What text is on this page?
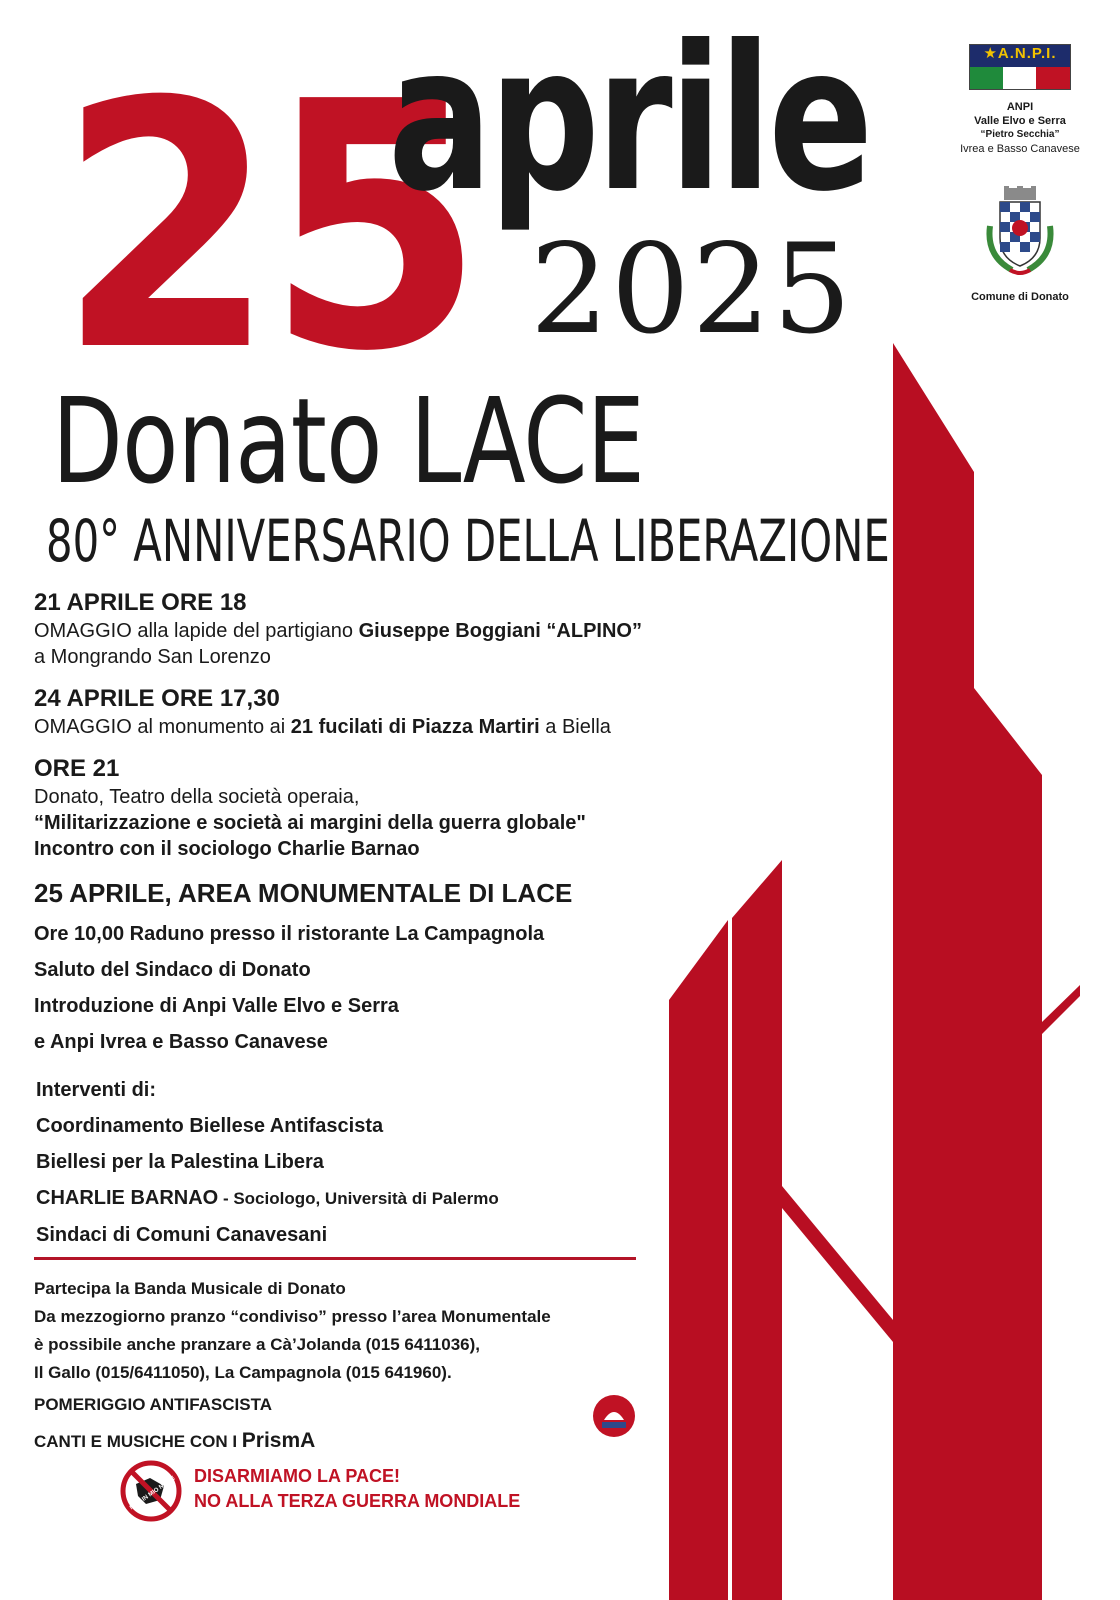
25
aprile
2025
Donato LACE
80° ANNIVERSARIO DELLA LIBERAZIONE
★A.N.P.I.
ANPI
Valle Elvo e Serra
“Pietro Secchia”
Ivrea e Basso Canavese
Comune di Donato
21 APRILE ORE 18
OMAGGIO alla lapide del partigiano Giuseppe Boggiani “ALPINO”
a Mongrando San Lorenzo
24 APRILE ORE 17,30
OMAGGIO al monumento ai 21 fucilati di Piazza Martiri a Biella
ORE 21
Donato, Teatro della società operaia,
“Militarizzazione e società ai margini della guerra globale"
Incontro con il sociologo Charlie Barnao
25 APRILE, AREA MONUMENTALE DI LACE
Ore 10,00 Raduno presso il ristorante La Campagnola
Saluto del Sindaco di Donato
Introduzione di Anpi Valle Elvo e Serra
e Anpi Ivrea e Basso Canavese
Interventi di:
Coordinamento Biellese Antifascista
Biellesi per la Palestina Libera
CHARLIE BARNAO - Sociologo, Università di Palermo
Sindaci di Comuni Canavesani
Partecipa la Banda Musicale di Donato
Da mezzogiorno pranzo “condiviso” presso l’area Monumentale
è possibile anche pranzare a Cà’Jolanda (015 6411036),
Il Gallo (015/6411050), La Campagnola (015 641960).
POMERIGGIO ANTIFASCISTA
CANTI E MUSICHE CON I PrismA
NON IN MIO NOME DISARMIAMO LA PACE!
NO ALLA TERZA GUERRA MONDIALE
